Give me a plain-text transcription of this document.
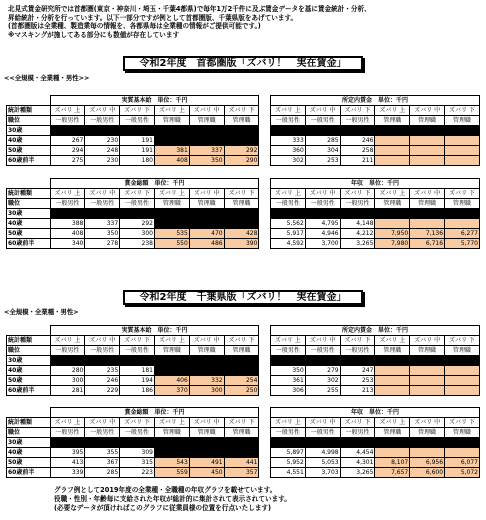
北見式賃金研究所では首都圏(東京・神奈川・埼玉・千葉4都県)で毎年1万2千件に及ぶ賃金データを基に賃金統計・分析、
昇給統計・分析を行っています。以下一部分ですが例として首都圏版、千葉県版をあげています。
(首都圏版は全業種、製造業毎の情報を、各都県毎は全業種の情報がご提供可能です。)
※マスキングが施してある部分にも数値が存在しています
令和2年度　首都圏版「ズバリ！　実在賃金」
<<全規模・全業種・男性>>
	実質基本給　単位：千円							所定内賃金　単位：千円					
統計種類	ズバリ 上	ズバリ 中	ズバリ 下	ズバリ 上	ズバリ 中	ズバリ 下		ズバリ 上	ズバリ 中	ズバリ 下	ズバリ 上	ズバリ 中	ズバリ 下
職位	一般男性	一般男性	一般男性	管理職	管理職	管理職		一般男性	一般男性	一般男性	管理職	管理職	管理職
30歳													
40歳	267	230	191					333	285	246			
50歳	294	248	191	381	337	292		360	304	258			
60歳前半	275	230	180	408	350	290		302	253	211			
	賞金総額　単位：千円							年収　単位：千円					
統計種類	ズバリ 上	ズバリ 中	ズバリ 下	ズバリ 上	ズバリ 中	ズバリ 下		ズバリ 上	ズバリ 中	ズバリ 下	ズバリ 上	ズバリ 中	ズバリ 下
職位	一般男性	一般男性	一般男性	管理職	管理職	管理職		一般男性	一般男性	一般男性	管理職	管理職	管理職
30歳													
40歳	388	337	292					5,562	4,795	4,148			
50歳	408	350	300	535	470	428		5,917	4,946	4,212	7,950	7,136	6,277
60歳前半	340	278	238	550	486	390		4,592	3,700	3,265	7,980	6,716	5,770
令和2年度　千葉県版「ズバリ！　実在賃金」
<全規模・全業種・男性>
	実質基本給　単位：千円							所定内賃金　単位：千円					
統計種類	ズバリ 上	ズバリ 中	ズバリ 下	ズバリ 上	ズバリ 中	ズバリ 下		ズバリ 上	ズバリ 中	ズバリ 下	ズバリ 上	ズバリ 中	ズバリ 下
職位	一般男性	一般男性	一般男性	管理職	管理職	管理職		一般男性	一般男性	一般男性	管理職	管理職	管理職
30歳													
40歳	280	235	181					350	279	247			
50歳	300	246	194	406	332	254		361	302	253			
60歳前半	281	229	186	370	300	250		306	255	213			
	賞金総額　単位：千円							年収　単位：千円					
統計種類	ズバリ 上	ズバリ 中	ズバリ 下	ズバリ 上	ズバリ 中	ズバリ 下		ズバリ 上	ズバリ 中	ズバリ 下	ズバリ 上	ズバリ 中	ズバリ 下
職位	一般男性	一般男性	一般男性	管理職	管理職	管理職		一般男性	一般男性	一般男性	管理職	管理職	管理職
30歳													
40歳	395	355	309					5,897	4,998	4,454			
50歳	413	367	315	543	491	441		5,952	5,053	4,301	8,107	6,956	6,077
60歳前半	339	285	223	559	450	357		4,551	3,703	3,265	7,657	6,600	5,072
グラフ例として2019年度の全業種・全職種の年収グラフを載せています。
役職・性別・年齢毎に支給された年収が総計的に集計されて表示されています。
(必要なデータが頂ければこのグラフに従業員様の位置を行点いたします)
